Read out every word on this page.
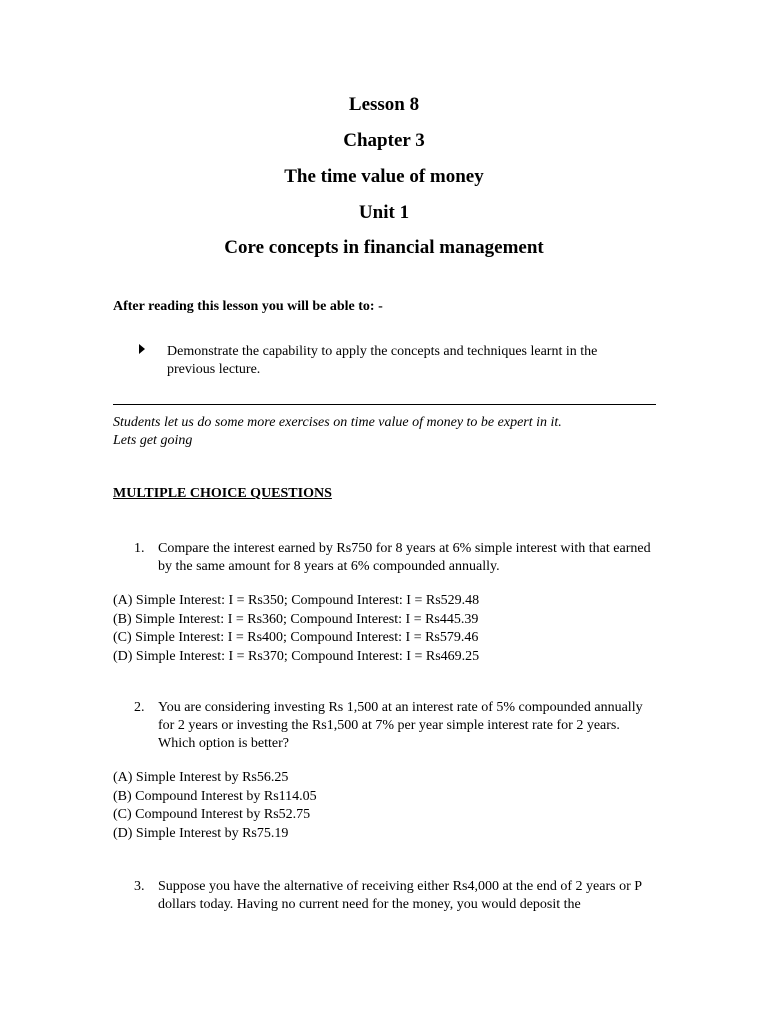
Lesson 8
Chapter 3
The time value of money
Unit 1
Core concepts in financial management
After reading this lesson you will be able to: -
Demonstrate the capability to apply the concepts and techniques learnt in the previous lecture.
Students let us do some more exercises on time value of money to be expert in it.
Lets get going
MULTIPLE CHOICE QUESTIONS
1. Compare the interest earned by Rs750 for 8 years at 6% simple interest with that earned by the same amount for 8 years at 6% compounded annually.
(A) Simple Interest: I = Rs350; Compound Interest: I = Rs529.48
(B) Simple Interest: I = Rs360; Compound Interest: I = Rs445.39
(C) Simple Interest: I = Rs400; Compound Interest: I = Rs579.46
(D) Simple Interest: I = Rs370; Compound Interest: I = Rs469.25
2. You are considering investing Rs 1,500 at an interest rate of 5% compounded annually for 2 years or investing the Rs1,500 at 7% per year simple interest rate for 2 years. Which option is better?
(A) Simple Interest by Rs56.25
(B) Compound Interest by Rs114.05
(C) Compound Interest by Rs52.75
(D) Simple Interest by Rs75.19
3. Suppose you have the alternative of receiving either Rs4,000 at the end of 2 years or P dollars today. Having no current need for the money, you would deposit the
